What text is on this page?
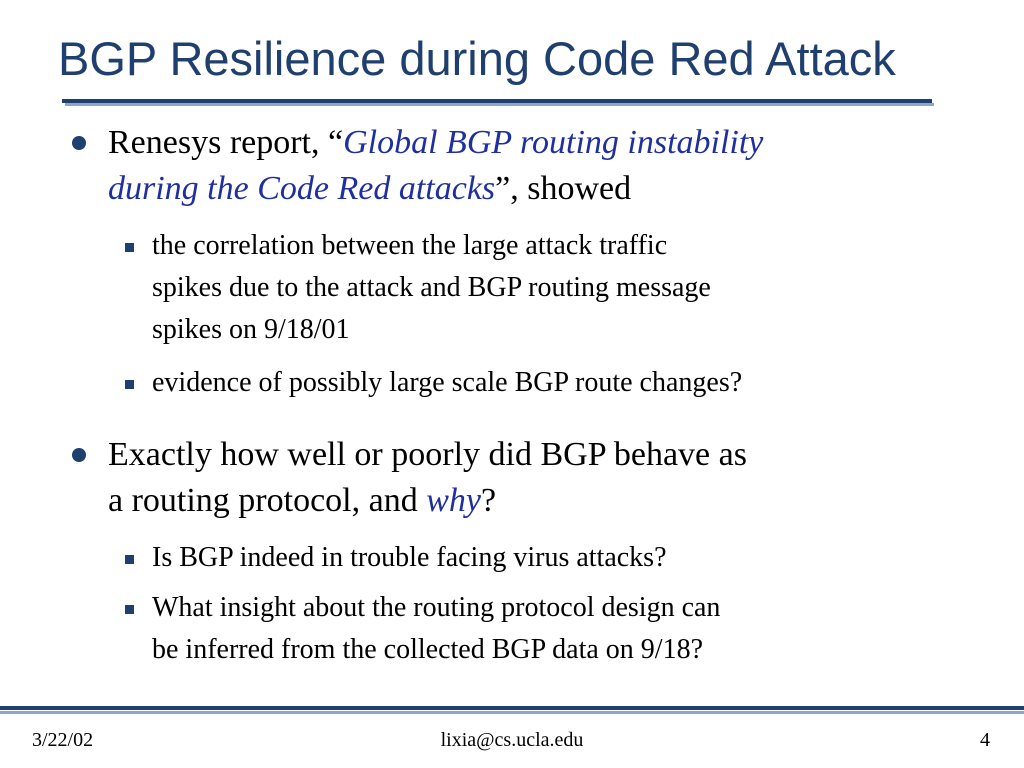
BGP Resilience during Code Red Attack
Renesys report, “Global BGP routing instability
during the Code Red attacks”, showed
the correlation between the large attack traffic
spikes due to the attack and BGP routing message
spikes on 9/18/01
evidence of possibly large scale BGP route changes?
Exactly how well or poorly did BGP behave as
a routing protocol, and why?
Is BGP indeed in trouble facing virus attacks?
What insight about the routing protocol design can
be inferred from the collected BGP data on 9/18?
3/22/02	lixia@cs.ucla.edu	4
